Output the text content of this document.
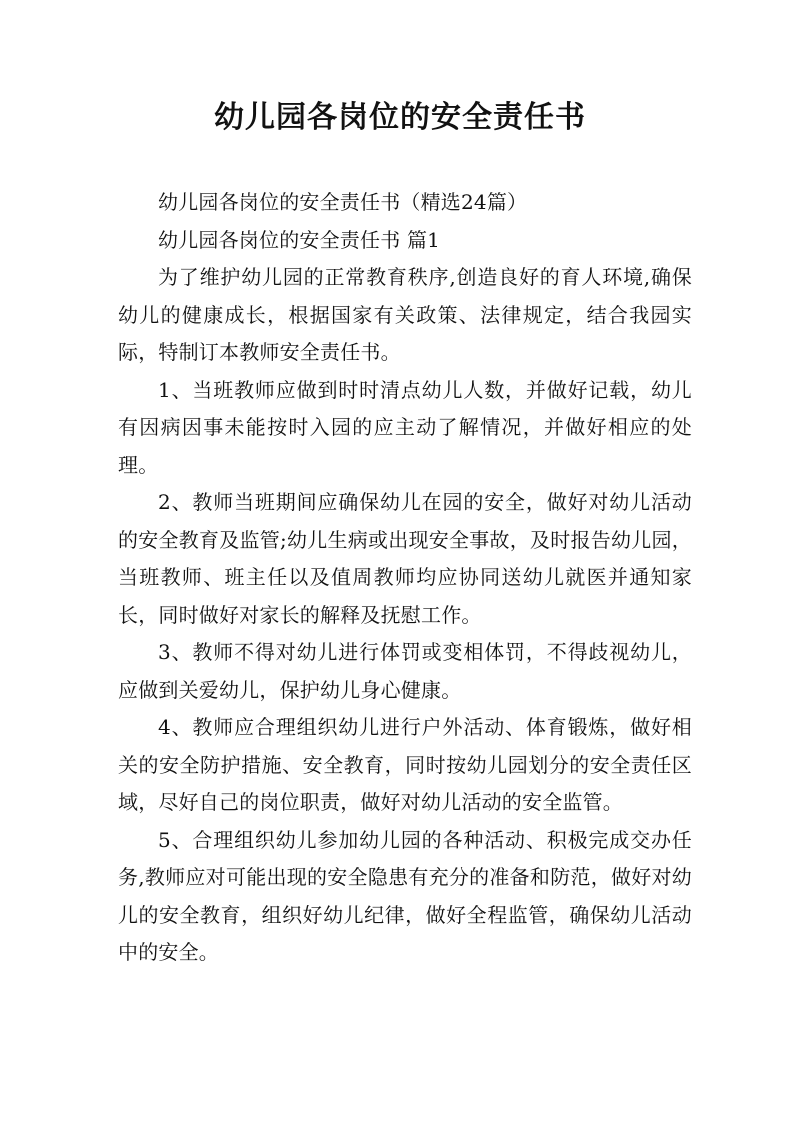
幼儿园各岗位的安全责任书

幼儿园各岗位的安全责任书（精选24篇）

幼儿园各岗位的安全责任书 篇1

为了维护幼儿园的正常教育秩序,创造良好的育人环境,确保幼儿的健康成长，根据国家有关政策、法律规定，结合我园实际，特制订本教师安全责任书。

1、当班教师应做到时时清点幼儿人数，并做好记载，幼儿有因病因事未能按时入园的应主动了解情况，并做好相应的处理。

2、教师当班期间应确保幼儿在园的安全，做好对幼儿活动的安全教育及监管;幼儿生病或出现安全事故，及时报告幼儿园，当班教师、班主任以及值周教师均应协同送幼儿就医并通知家长，同时做好对家长的解释及抚慰工作。

3、教师不得对幼儿进行体罚或变相体罚，不得歧视幼儿，应做到关爱幼儿，保护幼儿身心健康。

4、教师应合理组织幼儿进行户外活动、体育锻炼，做好相关的安全防护措施、安全教育，同时按幼儿园划分的安全责任区域，尽好自己的岗位职责，做好对幼儿活动的安全监管。

5、合理组织幼儿参加幼儿园的各种活动、积极完成交办任务,教师应对可能出现的安全隐患有充分的准备和防范，做好对幼儿的安全教育，组织好幼儿纪律，做好全程监管，确保幼儿活动中的安全。
